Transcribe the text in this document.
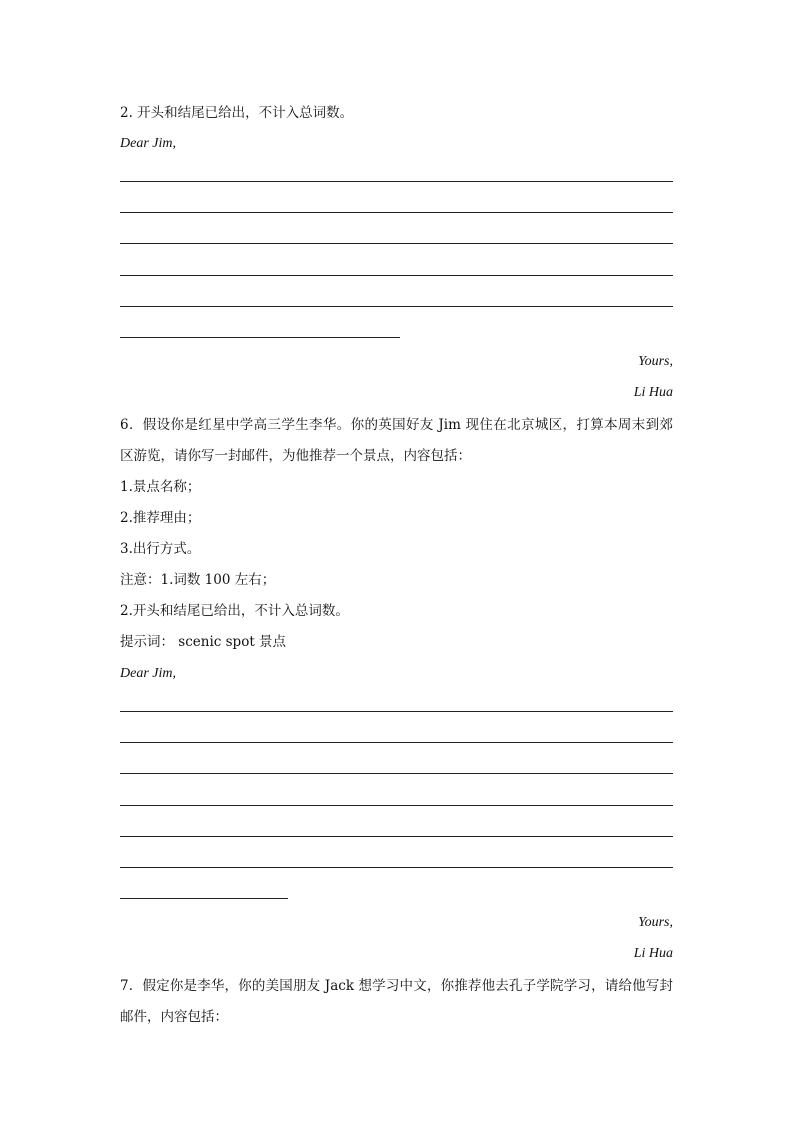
2. 开头和结尾已给出，不计入总词数。
Dear Jim,
Yours,
Li Hua
6．假设你是红星中学高三学生李华。你的英国好友 Jim 现住在北京城区，打算本周末到郊
区游览，请你写一封邮件，为他推荐一个景点，内容包括：
1.景点名称；
2.推荐理由；
3.出行方式。
注意：1.词数 100 左右；
2.开头和结尾已给出，不计入总词数。
提示词： scenic spot 景点
Dear Jim,
Yours,
Li Hua
7．假定你是李华，你的美国朋友 Jack 想学习中文，你推荐他去孔子学院学习，请给他写封
邮件，内容包括：
